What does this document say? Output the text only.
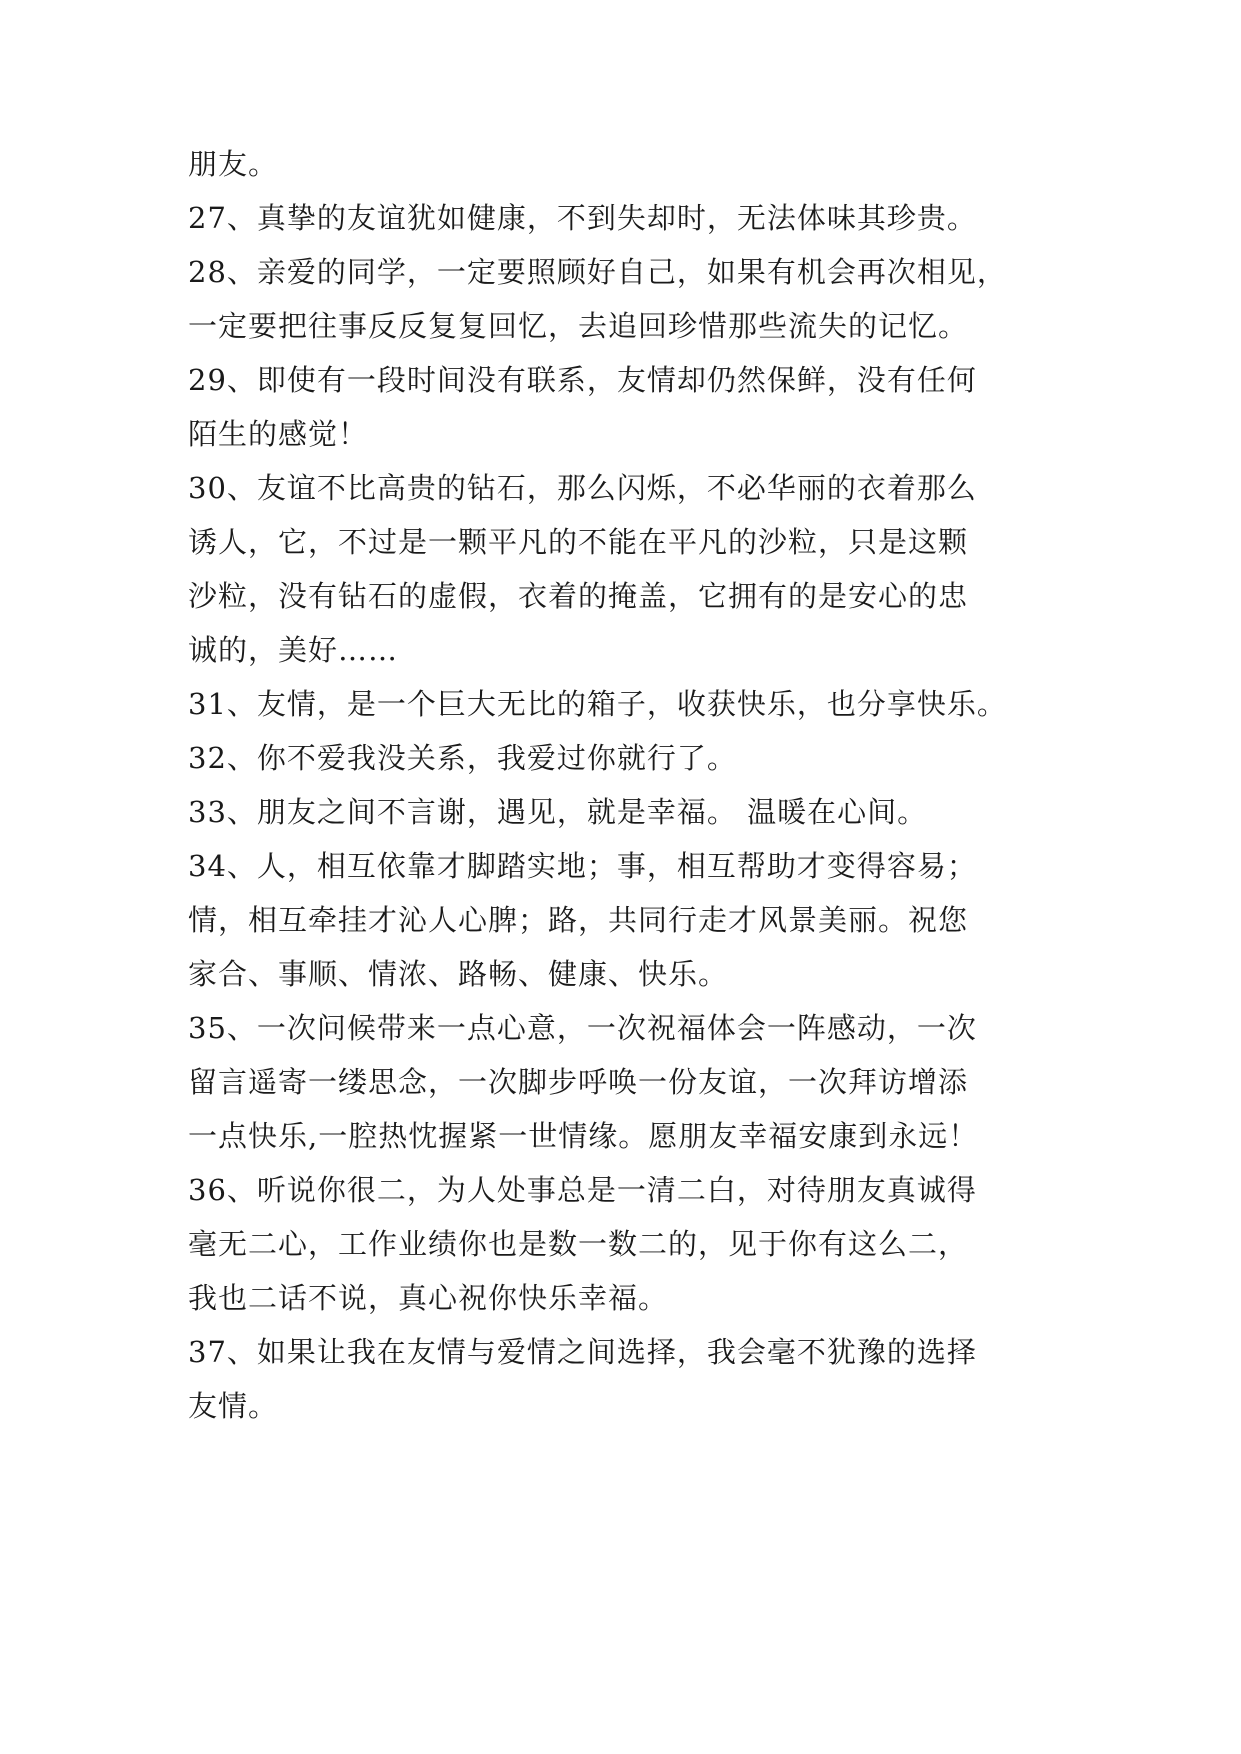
朋友。
27、真挚的友谊犹如健康，不到失却时，无法体味其珍贵。
28、亲爱的同学，一定要照顾好自己，如果有机会再次相见，
一定要把往事反反复复回忆，去追回珍惜那些流失的记忆。
29、即使有一段时间没有联系，友情却仍然保鲜，没有任何
陌生的感觉！
30、友谊不比高贵的钻石，那么闪烁，不必华丽的衣着那么
诱人，它，不过是一颗平凡的不能在平凡的沙粒，只是这颗
沙粒，没有钻石的虚假，衣着的掩盖，它拥有的是安心的忠
诚的，美好……
31、友情，是一个巨大无比的箱子，收获快乐，也分享快乐。
32、你不爱我没关系，我爱过你就行了。
33、朋友之间不言谢，遇见，就是幸福。 温暖在心间。
34、人，相互依靠才脚踏实地；事，相互帮助才变得容易；
情，相互牵挂才沁人心脾；路，共同行走才风景美丽。祝您
家合、事顺、情浓、路畅、健康、快乐。
35、一次问候带来一点心意，一次祝福体会一阵感动，一次
留言遥寄一缕思念，一次脚步呼唤一份友谊，一次拜访增添
一点快乐,一腔热忱握紧一世情缘。愿朋友幸福安康到永远！
36、听说你很二，为人处事总是一清二白，对待朋友真诚得
毫无二心，工作业绩你也是数一数二的，见于你有这么二，
我也二话不说，真心祝你快乐幸福。
37、如果让我在友情与爱情之间选择，我会毫不犹豫的选择
友情。
